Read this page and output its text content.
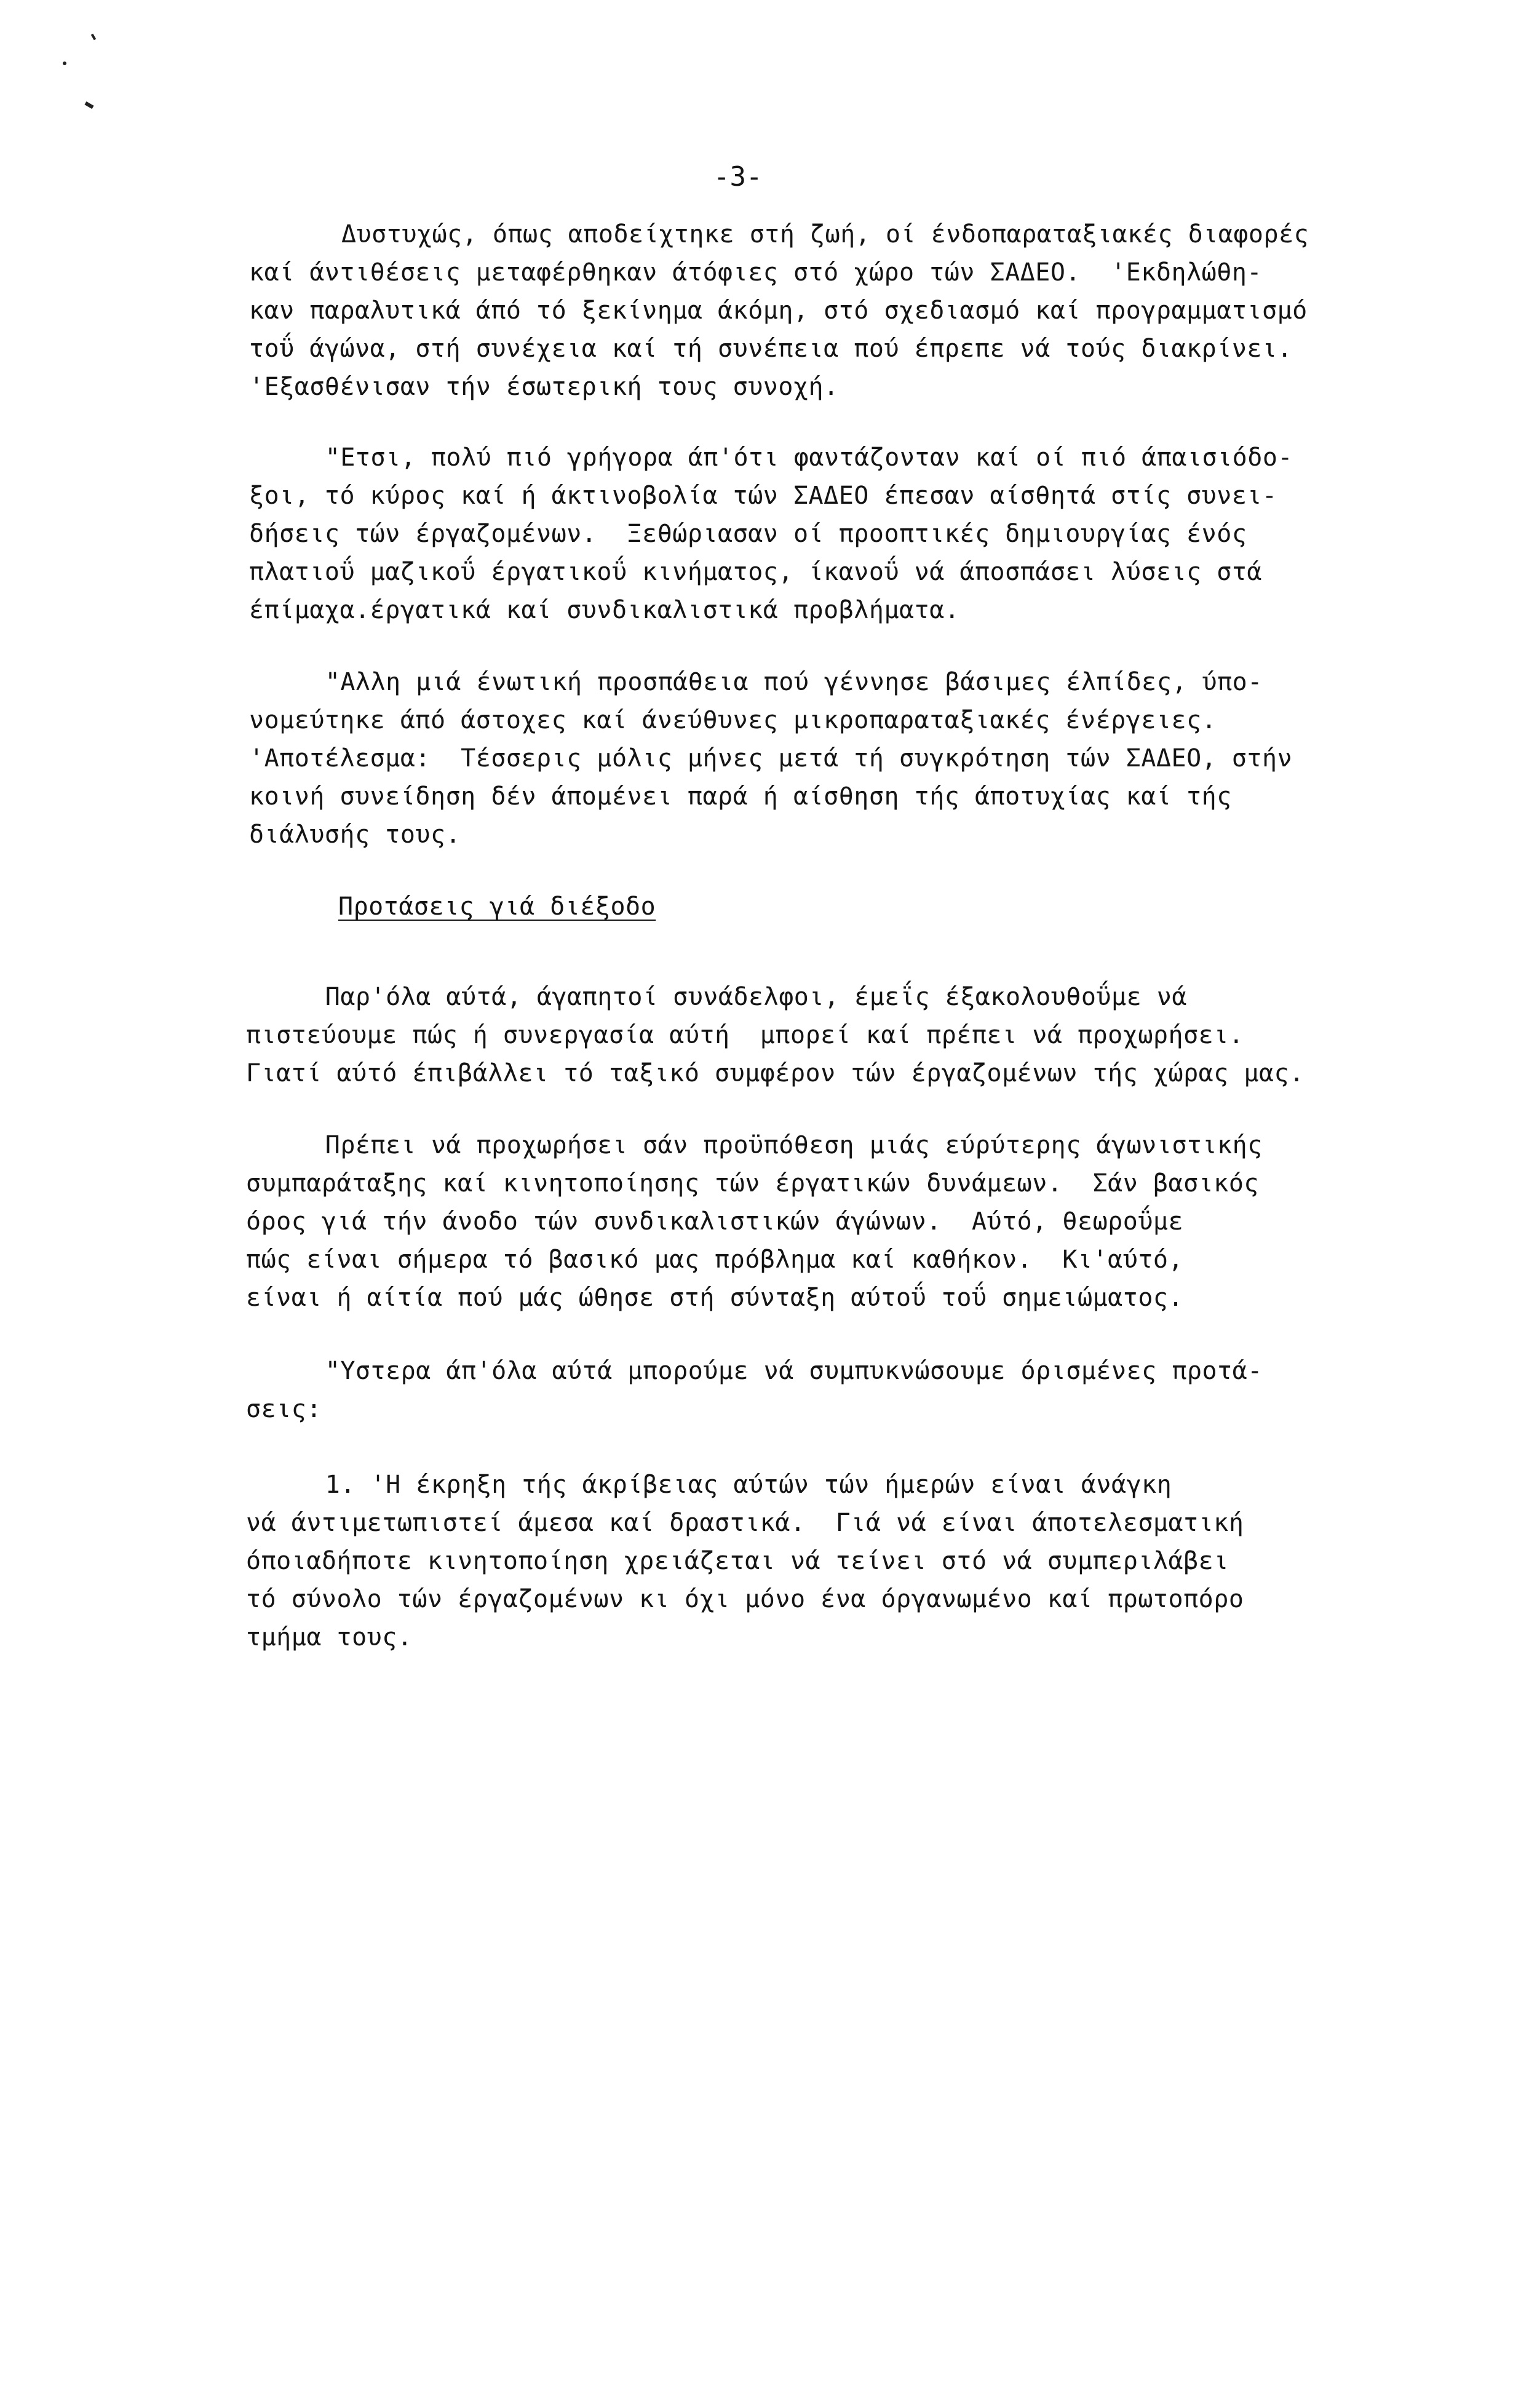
-3-
Δυστυχώς, όπως αποδείχτηκε στή ζωή, οί ένδοπαραταξιακές διαφορές
καί άντιθέσεις μεταφέρθηκαν άτόφιες στό χώρο τών ΣΑΔΕΟ.  'Εκδηλώθη-
καν παραλυτικά άπό τό ξεκίνημα άκόμη, στό σχεδιασμό καί προγραμματισμό
τοΰ άγώνα, στή συνέχεια καί τή συνέπεια πού έπρεπε νά τούς διακρίνει.
'Εξασθένισαν τήν έσωτερική τους συνοχή.
"Ετσι, πολύ πιό γρήγορα άπ'ότι φαντάζονταν καί οί πιό άπαισιόδο-
ξοι, τό κύρος καί ή άκτινοβολία τών ΣΑΔΕΟ έπεσαν αίσθητά στίς συνει-
δήσεις τών έργαζομένων.  Ξεθώριασαν οί προοπτικές δημιουργίας ένός
πλατιοΰ μαζικοΰ έργατικοΰ κινήματος, ίκανοΰ νά άποσπάσει λύσεις στά
έπίμαχα.έργατικά καί συνδικαλιστικά προβλήματα.
"Αλλη μιά ένωτική προσπάθεια πού γέννησε βάσιμες έλπίδες, ύπο-
νομεύτηκε άπό άστοχες καί άνεύθυνες μικροπαραταξιακές ένέργειες.
'Αποτέλεσμα:  Τέσσερις μόλις μήνες μετά τή συγκρότηση τών ΣΑΔΕΟ, στήν
κοινή συνείδηση δέν άπομένει παρά ή αίσθηση τής άποτυχίας καί τής
διάλυσής τους.
Προτάσεις γιά διέξοδο
Παρ'όλα αύτά, άγαπητοί συνάδελφοι, έμεΐς έξακολουθοΰμε νά
πιστεύουμε πώς ή συνεργασία αύτή  μπορεί καί πρέπει νά προχωρήσει.
Γιατί αύτό έπιβάλλει τό ταξικό συμφέρον τών έργαζομένων τής χώρας μας.
Πρέπει νά προχωρήσει σάν προϋπόθεση μιάς εύρύτερης άγωνιστικής
συμπαράταξης καί κινητοποίησης τών έργατικών δυνάμεων.  Σάν βασικός
όρος γιά τήν άνοδο τών συνδικαλιστικών άγώνων.  Αύτό, θεωροΰμε
πώς είναι σήμερα τό βασικό μας πρόβλημα καί καθήκον.  Κι'αύτό,
είναι ή αίτία πού μάς ώθησε στή σύνταξη αύτοΰ τοΰ σημειώματος.
"Υστερα άπ'όλα αύτά μπορούμε νά συμπυκνώσουμε όρισμένες προτά-
σεις:
1. 'Η έκρηξη τής άκρίβειας αύτών τών ήμερών είναι άνάγκη
νά άντιμετωπιστεί άμεσα καί δραστικά.  Γιά νά είναι άποτελεσματική
όποιαδήποτε κινητοποίηση χρειάζεται νά τείνει στό νά συμπεριλάβει
τό σύνολο τών έργαζομένων κι όχι μόνο ένα όργανωμένο καί πρωτοπόρο
τμήμα τους.
